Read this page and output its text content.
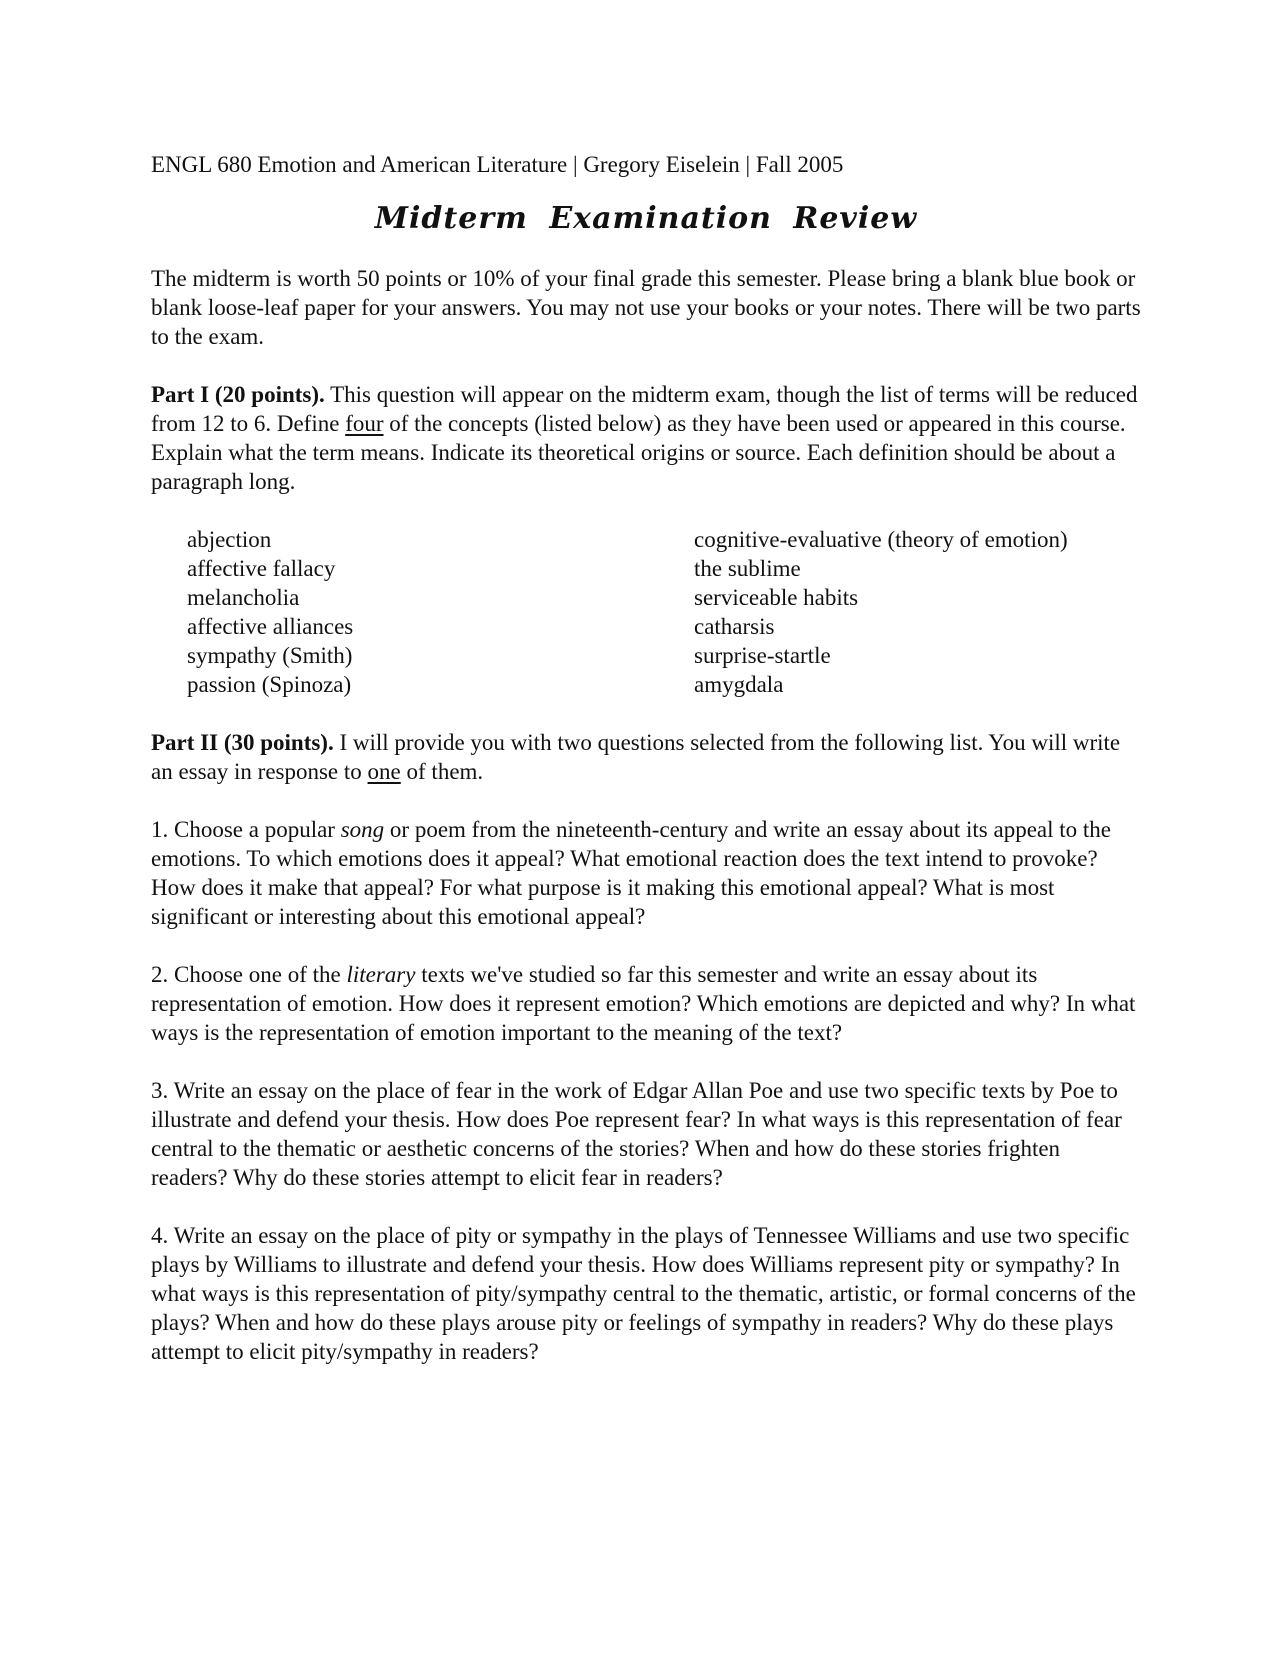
ENGL 680 Emotion and American Literature | Gregory Eiselein | Fall 2005

Midterm Examination Review

The midterm is worth 50 points or 10% of your final grade this semester. Please bring a blank blue book or blank loose-leaf paper for your answers. You may not use your books or your notes. There will be two parts to the exam.

Part I (20 points). This question will appear on the midterm exam, though the list of terms will be reduced from 12 to 6. Define four of the concepts (listed below) as they have been used or appeared in this course. Explain what the term means. Indicate its theoretical origins or source. Each definition should be about a paragraph long.

abjection
affective fallacy
melancholia
affective alliances
sympathy (Smith)
passion (Spinoza)
cognitive-evaluative (theory of emotion)
the sublime
serviceable habits
catharsis
surprise-startle
amygdala

Part II (30 points). I will provide you with two questions selected from the following list. You will write an essay in response to one of them.

1. Choose a popular song or poem from the nineteenth-century and write an essay about its appeal to the emotions. To which emotions does it appeal? What emotional reaction does the text intend to provoke? How does it make that appeal? For what purpose is it making this emotional appeal? What is most significant or interesting about this emotional appeal?

2. Choose one of the literary texts we've studied so far this semester and write an essay about its representation of emotion. How does it represent emotion? Which emotions are depicted and why? In what ways is the representation of emotion important to the meaning of the text?

3. Write an essay on the place of fear in the work of Edgar Allan Poe and use two specific texts by Poe to illustrate and defend your thesis. How does Poe represent fear? In what ways is this representation of fear central to the thematic or aesthetic concerns of the stories? When and how do these stories frighten readers? Why do these stories attempt to elicit fear in readers?

4. Write an essay on the place of pity or sympathy in the plays of Tennessee Williams and use two specific plays by Williams to illustrate and defend your thesis. How does Williams represent pity or sympathy? In what ways is this representation of pity/sympathy central to the thematic, artistic, or formal concerns of the plays? When and how do these plays arouse pity or feelings of sympathy in readers? Why do these plays attempt to elicit pity/sympathy in readers?
